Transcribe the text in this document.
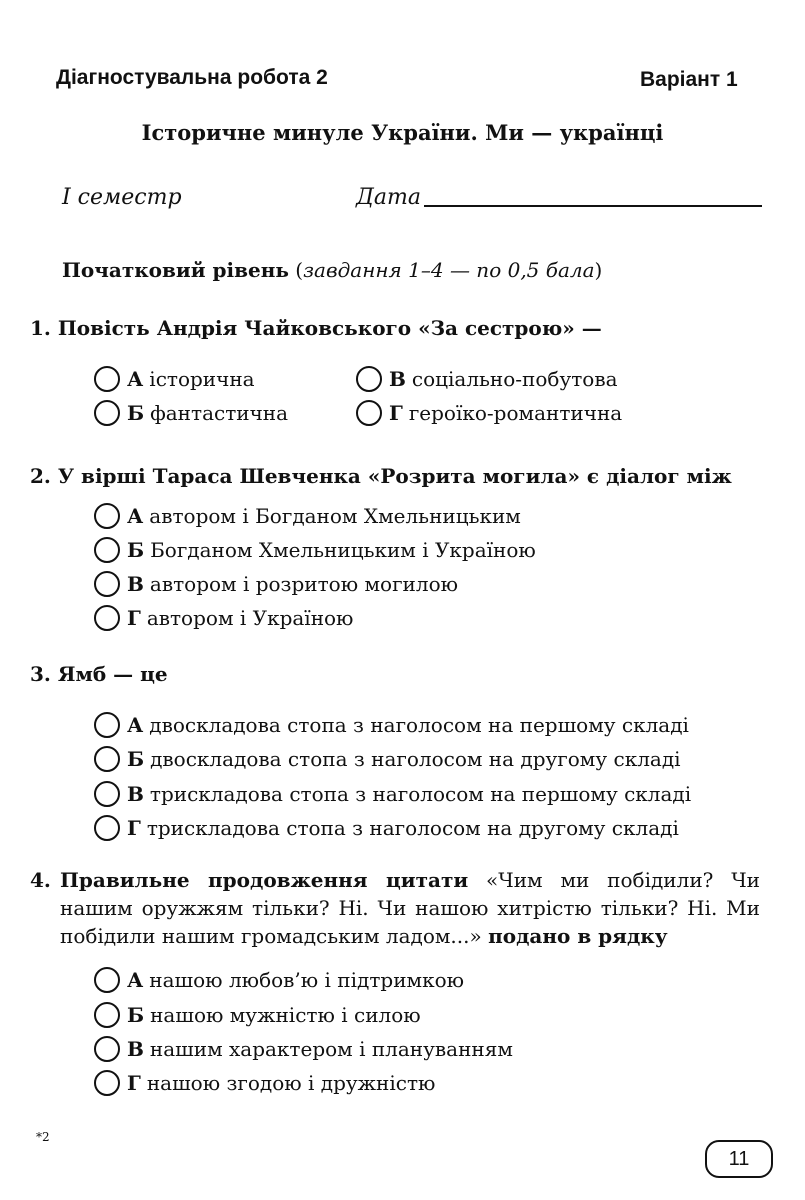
Діагностувальна робота 2	Варіант 1
Історичне минуле України. Ми — українці
І семестр	Дата
Початковий рівень (завдання 1–4 — по 0,5 бала)
1. Повість Андрія Чайковського «За сестрою» —
А історична	В соціально-побутова
Б фантастична	Г героїко-романтична
2. У вірші Тараса Шевченка «Розрита могила» є діалог між
А автором і Богданом Хмельницьким
Б Богданом Хмельницьким і Україною
В автором і розритою могилою
Г автором і Україною
3. Ямб — це
А двоскладова стопа з наголосом на першому складі
Б двоскладова стопа з наголосом на другому складі
В трискладова стопа з наголосом на першому складі
Г трискладова стопа з наголосом на другому складі
4. Правильне продовження цитати «Чим ми побідили? Чи нашим оружжям тільки? Ні. Чи нашою хитрістю тільки? Ні. Ми побідили нашим громадським ладом...» подано в рядку
А нашою любов’ю і підтримкою
Б нашою мужністю і силою
В нашим характером і плануванням
Г нашою згодою і дружністю
*2
11
